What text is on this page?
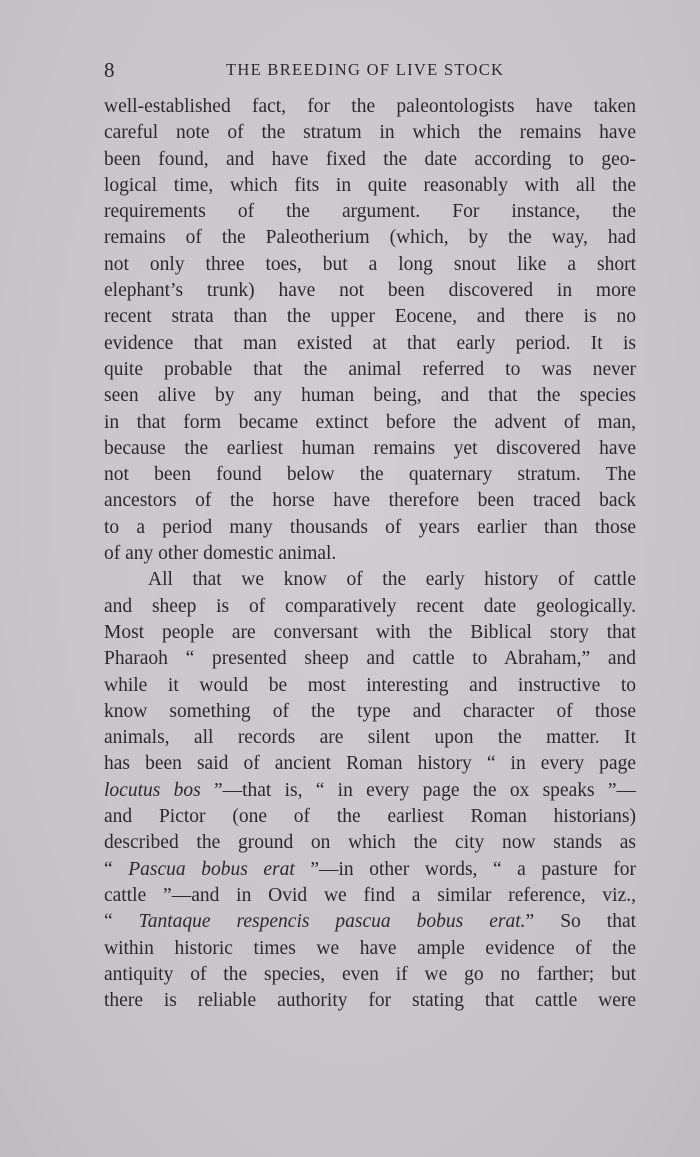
8	THE BREEDING OF LIVE STOCK
well-established fact, for the paleontologists have taken
careful note of the stratum in which the remains have
been found, and have fixed the date according to geo-
logical time, which fits in quite reasonably with all the
requirements of the argument. For instance, the
remains of the Paleotherium (which, by the way, had
not only three toes, but a long snout like a short
elephant’s trunk) have not been discovered in more
recent strata than the upper Eocene, and there is no
evidence that man existed at that early period. It is
quite probable that the animal referred to was never
seen alive by any human being, and that the species
in that form became extinct before the advent of man,
because the earliest human remains yet discovered have
not been found below the quaternary stratum. The
ancestors of the horse have therefore been traced back
to a period many thousands of years earlier than those
of any other domestic animal.
All that we know of the early history of cattle
and sheep is of comparatively recent date geologically.
Most people are conversant with the Biblical story that
Pharaoh “ presented sheep and cattle to Abraham,” and
while it would be most interesting and instructive to
know something of the type and character of those
animals, all records are silent upon the matter. It
has been said of ancient Roman history “ in every page
locutus bos ”—that is, “ in every page the ox speaks ”—
and Pictor (one of the earliest Roman historians)
described the ground on which the city now stands as
“ Pascua bobus erat ”—in other words, “ a pasture for
cattle ”—and in Ovid we find a similar reference, viz.,
“ Tantaque respencis pascua bobus erat.” So that
within historic times we have ample evidence of the
antiquity of the species, even if we go no farther; but
there is reliable authority for stating that cattle were
